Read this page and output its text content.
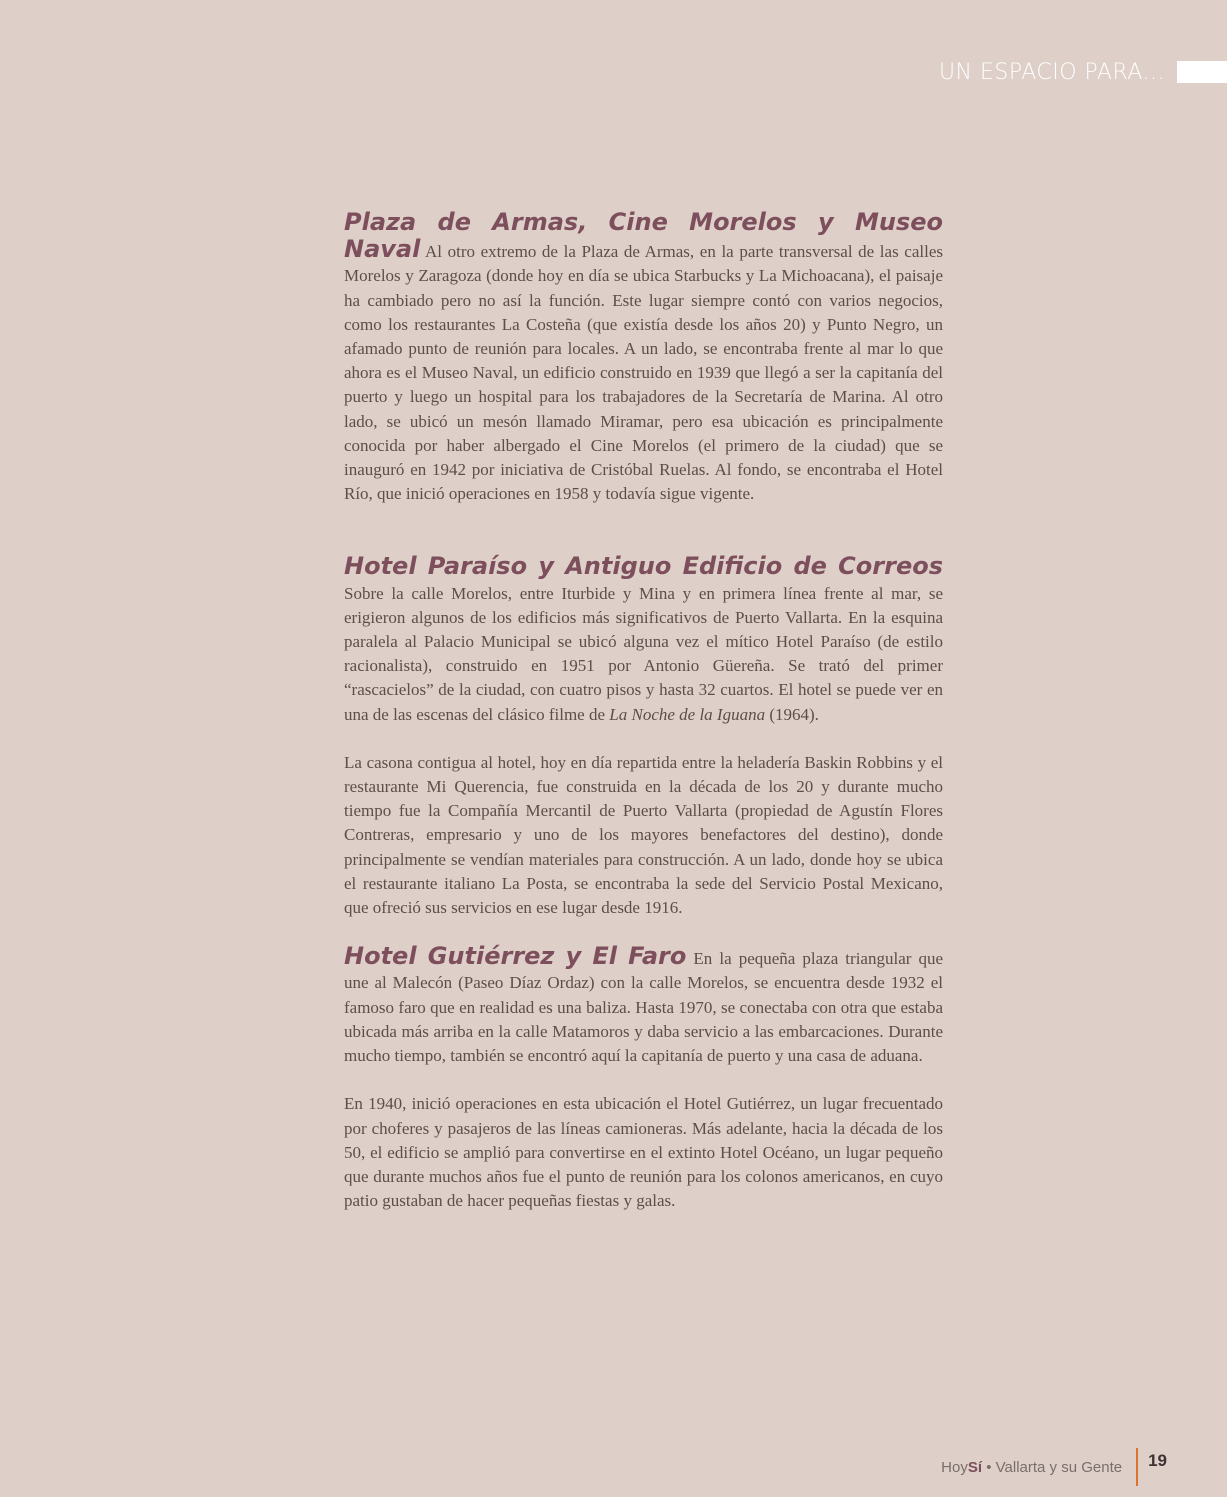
UN ESPACIO PARA...

Plaza de Armas, Cine Morelos y Museo Naval Al otro extremo de la Plaza de Armas, en la parte transversal de las calles Morelos y Zaragoza (donde hoy en día se ubica Starbucks y La Michoacana), el paisaje ha cambiado pero no así la función. Este lugar siempre contó con varios negocios, como los restaurantes La Costeña (que existía desde los años 20) y Punto Negro, un afamado punto de reunión para locales. A un lado, se encontraba frente al mar lo que ahora es el Museo Naval, un edificio construido en 1939 que llegó a ser la capitanía del puerto y luego un hospital para los trabajadores de la Secretaría de Marina. Al otro lado, se ubicó un mesón llamado Miramar, pero esa ubicación es principalmente conocida por haber albergado el Cine Morelos (el primero de la ciudad) que se inauguró en 1942 por iniciativa de Cristóbal Ruelas. Al fondo, se encontraba el Hotel Río, que inició operaciones en 1958 y todavía sigue vigente.

Hotel Paraíso y Antiguo Edificio de Correos Sobre la calle Morelos, entre Iturbide y Mina y en primera línea frente al mar, se erigieron algunos de los edificios más significativos de Puerto Vallarta. En la esquina paralela al Palacio Municipal se ubicó alguna vez el mítico Hotel Paraíso (de estilo racionalista), construido en 1951 por Antonio Güereña. Se trató del primer “rascacielos” de la ciudad, con cuatro pisos y hasta 32 cuartos. El hotel se puede ver en una de las escenas del clásico filme de La Noche de la Iguana (1964).

La casona contigua al hotel, hoy en día repartida entre la heladería Baskin Robbins y el restaurante Mi Querencia, fue construida en la década de los 20 y durante mucho tiempo fue la Compañía Mercantil de Puerto Vallarta (propiedad de Agustín Flores Contreras, empresario y uno de los mayores benefactores del destino), donde principalmente se vendían materiales para construcción. A un lado, donde hoy se ubica el restaurante italiano La Posta, se encontraba la sede del Servicio Postal Mexicano, que ofreció sus servicios en ese lugar desde 1916.

Hotel Gutiérrez y El Faro En la pequeña plaza triangular que une al Malecón (Paseo Díaz Ordaz) con la calle Morelos, se encuentra desde 1932 el famoso faro que en realidad es una baliza. Hasta 1970, se conectaba con otra que estaba ubicada más arriba en la calle Matamoros y daba servicio a las embarcaciones. Durante mucho tiempo, también se encontró aquí la capitanía de puerto y una casa de aduana.

En 1940, inició operaciones en esta ubicación el Hotel Gutiérrez, un lugar frecuentado por choferes y pasajeros de las líneas camioneras. Más adelante, hacia la década de los 50, el edificio se amplió para convertirse en el extinto Hotel Océano, un lugar pequeño que durante muchos años fue el punto de reunión para los colonos americanos, en cuyo patio gustaban de hacer pequeñas fiestas y galas.

HoySí • Vallarta y su Gente 19
